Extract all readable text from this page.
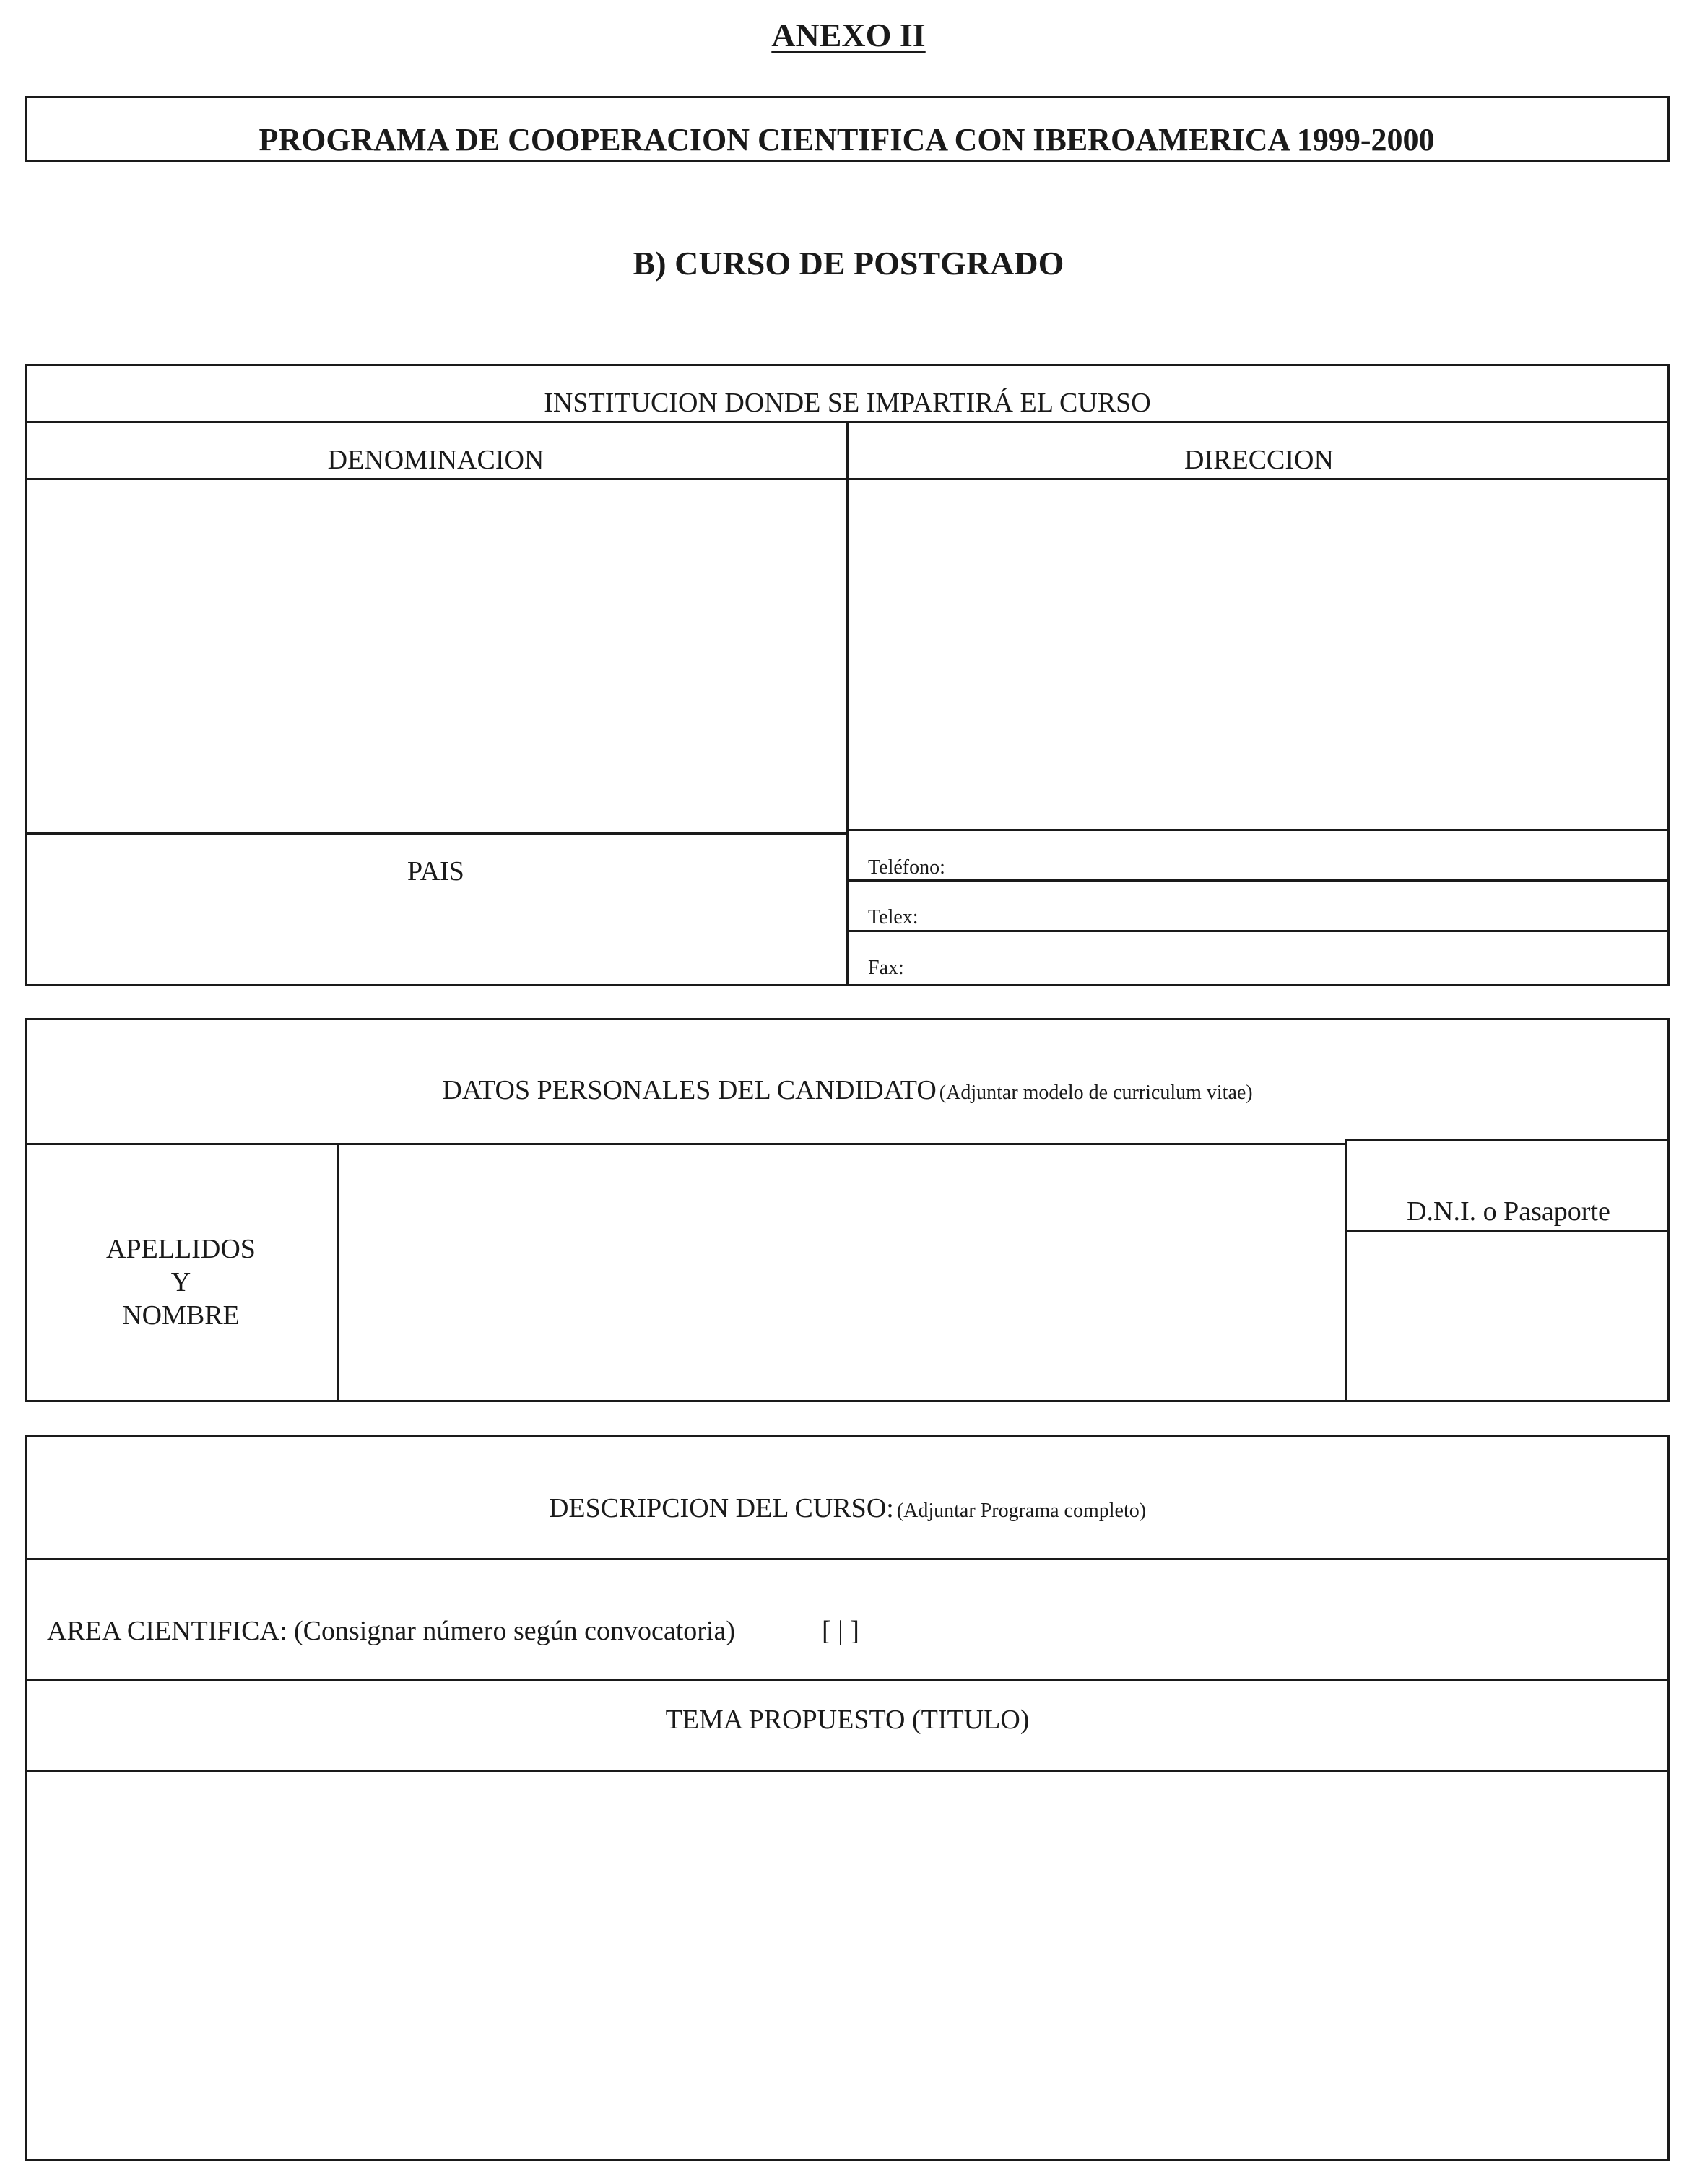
ANEXO II
PROGRAMA DE COOPERACION CIENTIFICA CON IBEROAMERICA 1999-2000
B) CURSO DE POSTGRADO
INSTITUCION DONDE SE IMPARTIRÁ EL CURSO
DENOMINACION	DIRECCION
PAIS	Teléfono:
Telex:
Fax:
DATOS PERSONALES DEL CANDIDATO (Adjuntar modelo de curriculum vitae)
APELLIDOS
Y
NOMBRE
D.N.I. o Pasaporte
DESCRIPCION DEL CURSO: (Adjuntar Programa completo)
AREA CIENTIFICA: (Consignar número según convocatoria)	[ | ]
TEMA PROPUESTO (TITULO)
